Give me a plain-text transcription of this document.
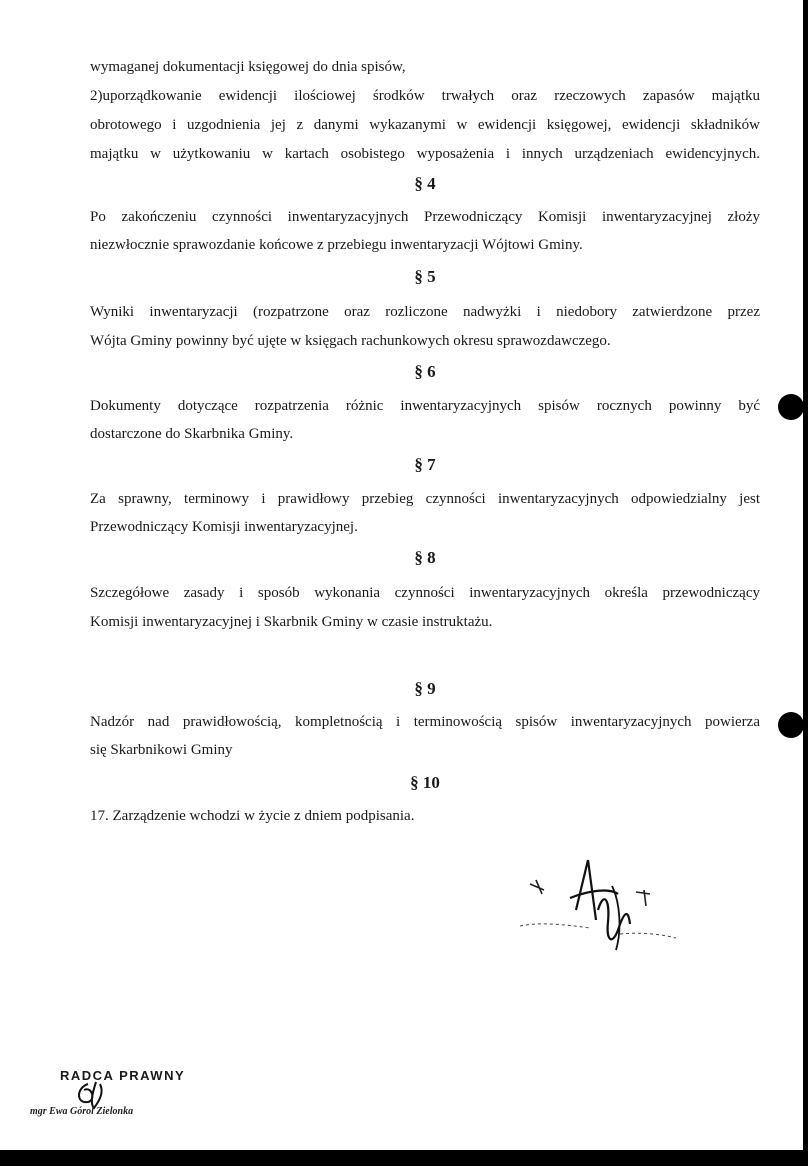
wymaganej dokumentacji księgowej do dnia spisów,
2)uporządkowanie ewidencji ilościowej środków trwałych oraz rzeczowych zapasów majątku
obrotowego i uzgodnienia jej z danymi wykazanymi w ewidencji księgowej, ewidencji składników
majątku w użytkowaniu w kartach osobistego wyposażenia i innych urządzeniach ewidencyjnych.
§ 4
Po zakończeniu czynności inwentaryzacyjnych Przewodniczący Komisji inwentaryzacyjnej złoży
niezwłocznie sprawozdanie końcowe z przebiegu inwentaryzacji Wójtowi Gminy.
§ 5
Wyniki inwentaryzacji (rozpatrzone oraz rozliczone nadwyżki i niedobory zatwierdzone przez
Wójta Gminy powinny być ujęte w księgach rachunkowych okresu sprawozdawczego.
§ 6
Dokumenty dotyczące rozpatrzenia różnic inwentaryzacyjnych spisów rocznych powinny być
dostarczone do Skarbnika Gminy.
§ 7
Za sprawny, terminowy i prawidłowy przebieg czynności inwentaryzacyjnych odpowiedzialny jest
Przewodniczący Komisji inwentaryzacyjnej.
§ 8
Szczegółowe zasady i sposób wykonania czynności inwentaryzacyjnych określa przewodniczący
Komisji inwentaryzacyjnej i Skarbnik Gminy w czasie instruktażu.
§ 9
Nadzór nad prawidłowością, kompletnością i terminowością spisów inwentaryzacyjnych powierza
się Skarbnikowi Gminy
§ 10
17. Zarządzenie wchodzi w życie z dniem podpisania.
RADCA PRAWNY
mgr Ewa Górol Zielonka
